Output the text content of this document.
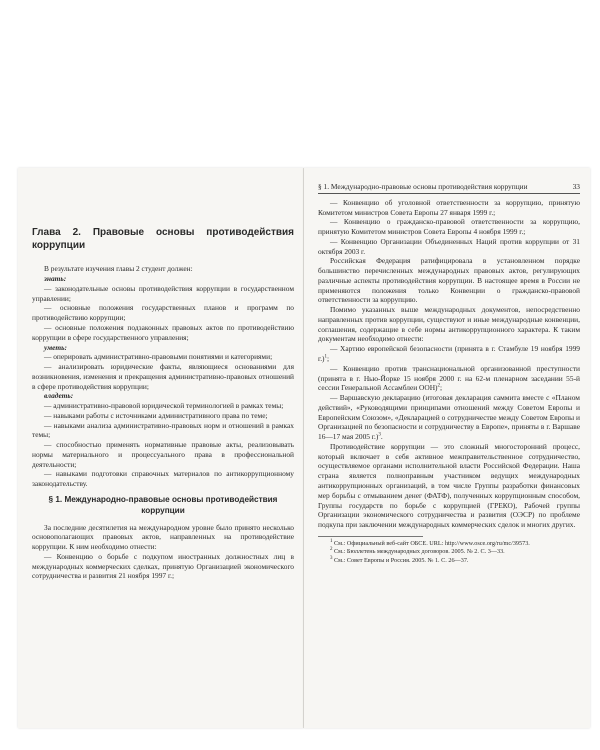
Глава 2. Правовые основы противодействия коррупции

В результате изучения главы 2 студент должен:

знать:

— законодательные основы противодействия коррупции в государственном управлении;

— основные положения государственных планов и программ по противодействию коррупции;

— основные положения подзаконных правовых актов по противодействию коррупции в сфере государственного управления;

уметь:

— оперировать административно-правовыми понятиями и категориями;

— анализировать юридические факты, являющиеся основаниями для возникновения, изменения и прекращения административно-правовых отношений в сфере противодействия коррупции;

владеть:

— административно-правовой юридической терминологией в рамках темы;

— навыками работы с источниками административного права по теме;

— навыками анализа административно-правовых норм и отношений в рамках темы;

— способностью применять нормативные правовые акты, реализовывать нормы материального и процессуального права в профессиональной деятельности;

— навыками подготовки справочных материалов по антикоррупционному законодательству.

§ 1. Международно-правовые основы противодействия коррупции

За последние десятилетия на международном уровне было принято несколько основополагающих правовых актов, направленных на противодействие коррупции. К ним необходимо отнести:

— Конвенцию о борьбе с подкупом иностранных должностных лиц в международных коммерческих сделках, принятую Организацией экономического сотрудничества и развития 21 ноября 1997 г.;

§ 1. Международно-правовые основы противодействия коррупции	33

— Конвенцию об уголовной ответственности за коррупцию, принятую Комитетом министров Совета Европы 27 января 1999 г.;

— Конвенцию о гражданско-правовой ответственности за коррупцию, принятую Комитетом министров Совета Европы 4 ноября 1999 г.;

— Конвенцию Организации Объединенных Наций против коррупции от 31 октября 2003 г.

Российская Федерация ратифицировала в установленном порядке большинство перечисленных международных правовых актов, регулирующих различные аспекты противодействия коррупции. В настоящее время в России не применяются положения только Конвенции о гражданско-правовой ответственности за коррупцию.

Помимо указанных выше международных документов, непосредственно направленных против коррупции, существуют и иные международные конвенции, соглашения, содержащие в себе нормы антикоррупционного характера. К таким документам необходимо отнести:

— Хартию европейской безопасности (принята в г. Стамбуле 19 ноября 1999 г.)$^1$;

— Конвенцию против транснациональной организованной преступности (принята в г. Нью-Йорке 15 ноября 2000 г. на 62-м пленарном заседании 55-й сессии Генеральной Ассамблеи ООН)$^2$;

— Варшавскую декларацию (итоговая декларация саммита вместе с «Планом действий», «Руководящими принципами отношений между Советом Европы и Европейским Союзом», «Декларацией о сотрудничестве между Советом Европы и Организацией по безопасности и сотрудничеству в Европе», приняты в г. Варшаве 16—17 мая 2005 г.)$^3$.

Противодействие коррупции — это сложный многосторонний процесс, который включает в себя активное межправительственное сотрудничество, осуществляемое органами исполнительной власти Российской Федерации. Наша страна является полноправным участником ведущих международных антикоррупционных организаций, в том числе Группы разработки финансовых мер борьбы с отмыванием денег (ФАТФ), полученных коррупционным способом, Группы государств по борьбе с коррупцией (ГРЕКО), Рабочей группы Организации экономического сотрудничества и развития (ОЭСР) по проблеме подкупа при заключении международных коммерческих сделок и многих других.

$^1$ См.: Официальный веб-сайт ОБСЕ. URL: http://www.osce.org/ru/mc/39573.

$^2$ См.: Бюллетень международных договоров. 2005. № 2. С. 3—33.

$^3$ См.: Совет Европы и Россия. 2005. № 1. С. 26—37.
